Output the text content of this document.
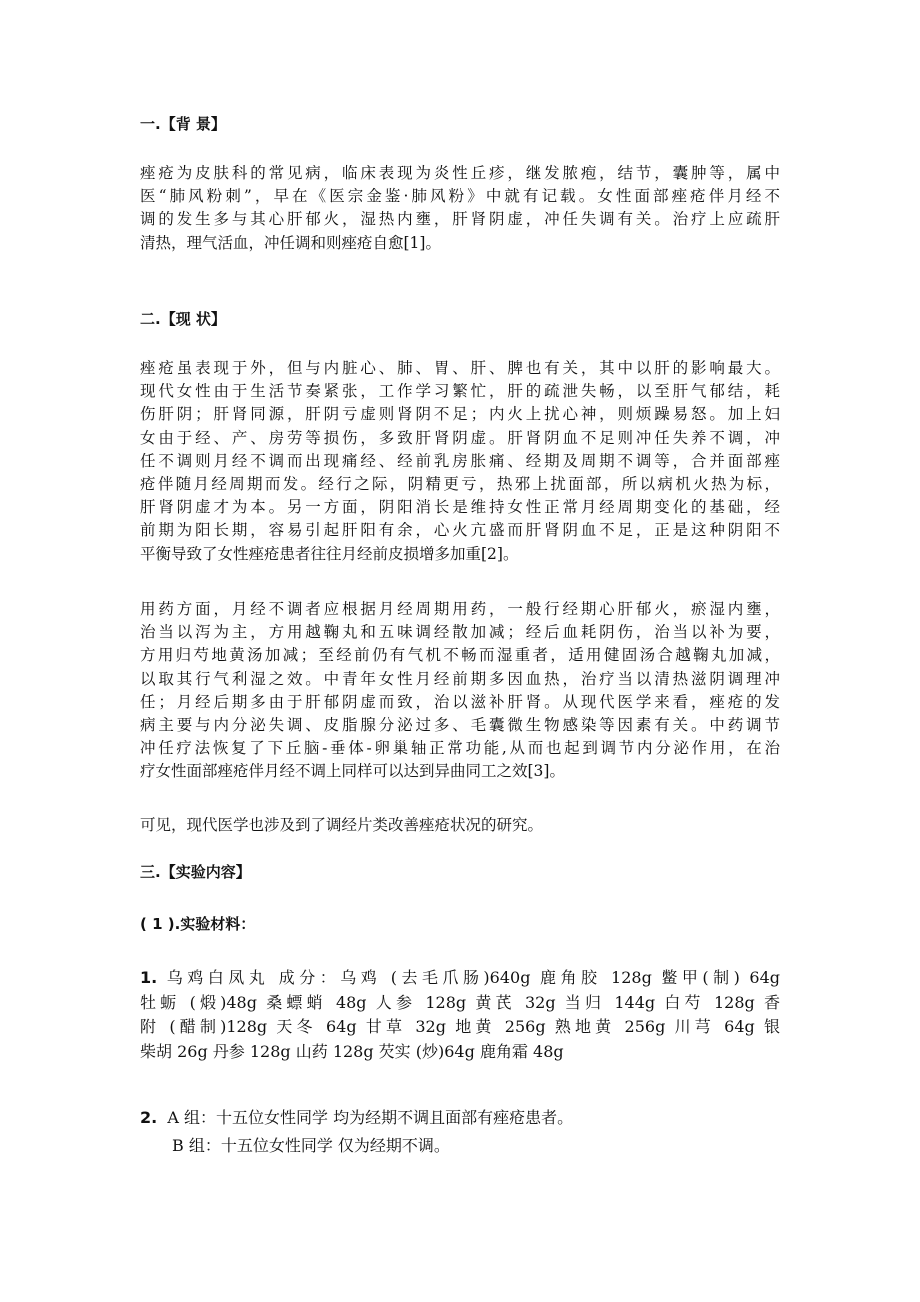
一.【背 景】
痤疮为皮肤科的常见病，临床表现为炎性丘疹，继发脓疱，结节，囊肿等，属中
医“肺风粉刺”，早在《医宗金鉴·肺风粉》中就有记载。女性面部痤疮伴月经不
调的发生多与其心肝郁火，湿热内壅，肝肾阴虚，冲任失调有关。治疗上应疏肝
清热，理气活血，冲任调和则痤疮自愈[1]。
二.【现 状】
痤疮虽表现于外，但与内脏心、肺、胃、肝、脾也有关，其中以肝的影响最大。
现代女性由于生活节奏紧张，工作学习繁忙，肝的疏泄失畅，以至肝气郁结，耗
伤肝阴；肝肾同源，肝阴亏虚则肾阴不足；内火上扰心神，则烦躁易怒。加上妇
女由于经、产、房劳等损伤，多致肝肾阴虚。肝肾阴血不足则冲任失养不调，冲
任不调则月经不调而出现痛经、经前乳房胀痛、经期及周期不调等，合并面部痤
疮伴随月经周期而发。经行之际，阴精更亏，热邪上扰面部，所以病机火热为标，
肝肾阴虚才为本。另一方面，阴阳消长是维持女性正常月经周期变化的基础，经
前期为阳长期，容易引起肝阳有余，心火亢盛而肝肾阴血不足，正是这种阴阳不
平衡导致了女性痤疮患者往往月经前皮损增多加重[2]。
用药方面，月经不调者应根据月经周期用药，一般行经期心肝郁火，瘀湿内壅，
治当以泻为主，方用越鞠丸和五味调经散加减；经后血耗阴伤，治当以补为要，
方用归芍地黄汤加减；至经前仍有气机不畅而湿重者，适用健固汤合越鞠丸加减，
以取其行气利湿之效。中青年女性月经前期多因血热，治疗当以清热滋阴调理冲
任；月经后期多由于肝郁阴虚而致，治以滋补肝肾。从现代医学来看，痤疮的发
病主要与内分泌失调、皮脂腺分泌过多、毛囊微生物感染等因素有关。中药调节
冲任疗法恢复了下丘脑-垂体-卵巢轴正常功能,从而也起到调节内分泌作用，在治
疗女性面部痤疮伴月经不调上同样可以达到异曲同工之效[3]。
可见，现代医学也涉及到了调经片类改善痤疮状况的研究。
三.【实验内容】
( 1 ).实验材料：
1. 乌鸡白凤丸 成分：乌鸡 (去毛爪肠)640g 鹿角胶 128g 鳖甲(制) 64g
牡蛎 (煅)48g 桑螵蛸 48g 人参 128g 黄芪 32g 当归 144g 白芍 128g 香
附 (醋制)128g 天冬 64g 甘草 32g 地黄 256g 熟地黄 256g 川芎 64g 银
柴胡 26g 丹参 128g 山药 128g 芡实 (炒)64g 鹿角霜 48g
2. A 组：十五位女性同学 均为经期不调且面部有痤疮患者。
B 组：十五位女性同学 仅为经期不调。
